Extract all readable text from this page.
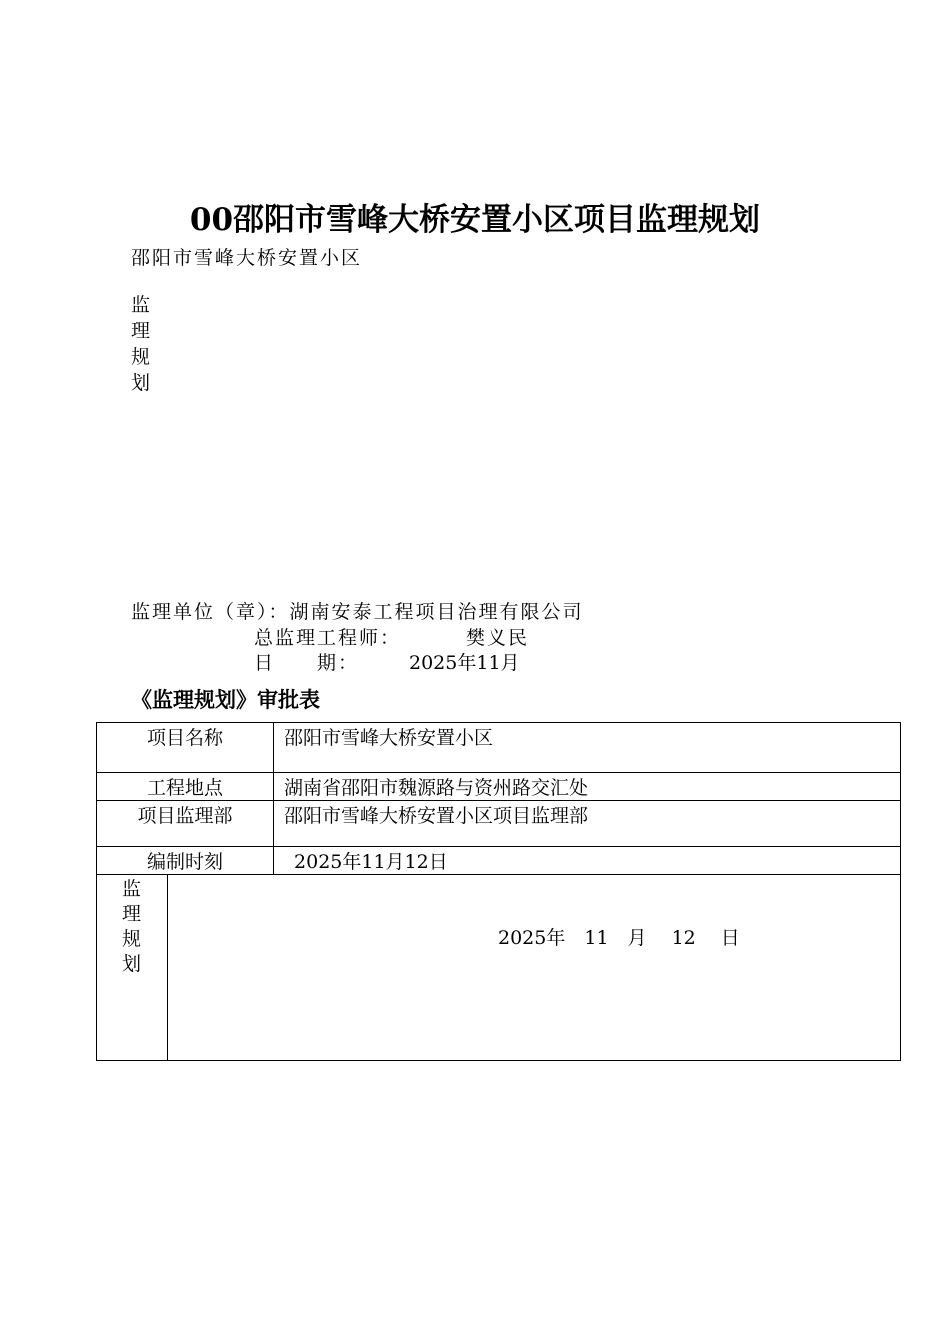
00邵阳市雪峰大桥安置小区项目监理规划
邵阳市雪峰大桥安置小区
监
理
规
划
监理单位（章）：湖南安泰工程项目治理有限公司
总监理工程师：	樊义民
日　　期：	2025年11月
《监理规划》审批表
项目名称		邵阳市雪峰大桥安置小区
工程地点		湖南省邵阳市魏源路与资州路交汇处
项目监理部		邵阳市雪峰大桥安置小区项目监理部
编制时刻		2025年11月12日

监
理
规
划	2025年　11　月　 12　 日	
